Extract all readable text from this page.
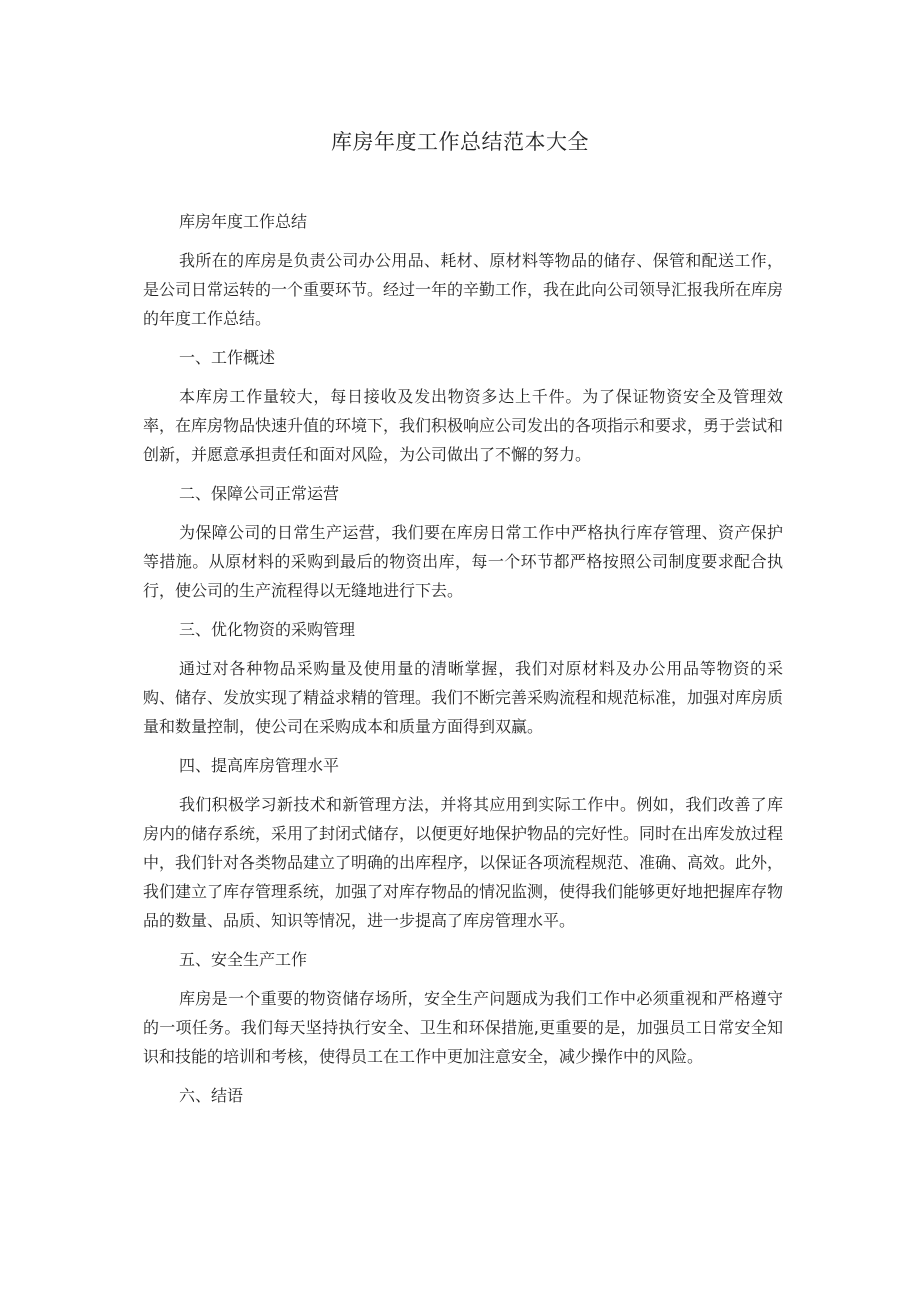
库房年度工作总结范本大全

库房年度工作总结

我所在的库房是负责公司办公用品、耗材、原材料等物品的储存、保管和配送工作，是公司日常运转的一个重要环节。经过一年的辛勤工作，我在此向公司领导汇报我所在库房的年度工作总结。

一、工作概述

本库房工作量较大，每日接收及发出物资多达上千件。为了保证物资安全及管理效率，在库房物品快速升值的环境下，我们积极响应公司发出的各项指示和要求，勇于尝试和创新，并愿意承担责任和面对风险，为公司做出了不懈的努力。

二、保障公司正常运营

为保障公司的日常生产运营，我们要在库房日常工作中严格执行库存管理、资产保护等措施。从原材料的采购到最后的物资出库，每一个环节都严格按照公司制度要求配合执行，使公司的生产流程得以无缝地进行下去。

三、优化物资的采购管理

通过对各种物品采购量及使用量的清晰掌握，我们对原材料及办公用品等物资的采购、储存、发放实现了精益求精的管理。我们不断完善采购流程和规范标准，加强对库房质量和数量控制，使公司在采购成本和质量方面得到双赢。

四、提高库房管理水平

我们积极学习新技术和新管理方法，并将其应用到实际工作中。例如，我们改善了库房内的储存系统，采用了封闭式储存，以便更好地保护物品的完好性。同时在出库发放过程中，我们针对各类物品建立了明确的出库程序，以保证各项流程规范、准确、高效。此外，我们建立了库存管理系统，加强了对库存物品的情况监测，使得我们能够更好地把握库存物品的数量、品质、知识等情况，进一步提高了库房管理水平。

五、安全生产工作

库房是一个重要的物资储存场所，安全生产问题成为我们工作中必须重视和严格遵守的一项任务。我们每天坚持执行安全、卫生和环保措施,更重要的是，加强员工日常安全知识和技能的培训和考核，使得员工在工作中更加注意安全，减少操作中的风险。

六、结语
